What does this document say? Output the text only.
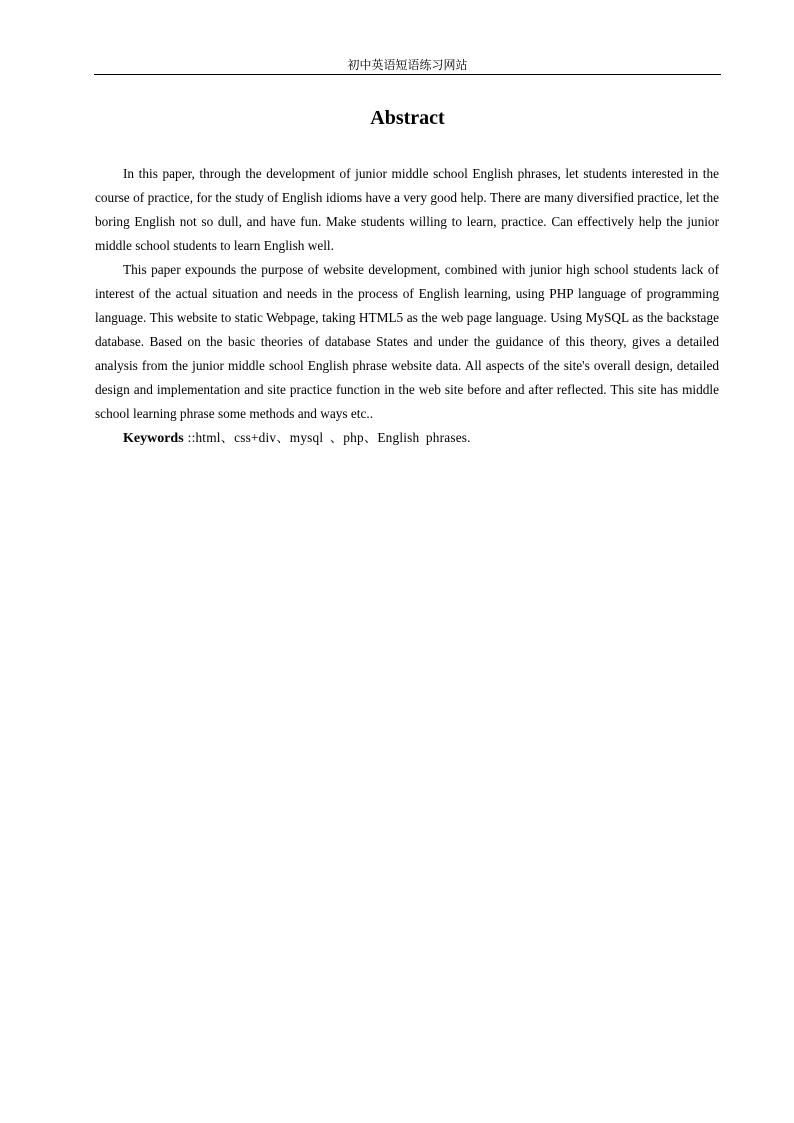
初中英语短语练习网站
Abstract

In this paper, through the development of junior middle school English phrases, let students interested in the course of practice, for the study of English idioms have a very good help. There are many diversified practice, let the boring English not so dull, and have fun. Make students willing to learn, practice. Can effectively help the junior middle school students to learn English well.

This paper expounds the purpose of website development, combined with junior high school students lack of interest of the actual situation and needs in the process of English learning, using PHP language of programming language. This website to static Webpage, taking HTML5 as the web page language. Using MySQL as the backstage database. Based on the basic theories of database States and under the guidance of this theory, gives a detailed analysis from the junior middle school English phrase website data. All aspects of the site's overall design, detailed design and implementation and site practice function in the web site before and after reflected. This site has middle school learning phrase some methods and ways etc..

Keywords ::html、css+div、mysql 、php、English phrases.
